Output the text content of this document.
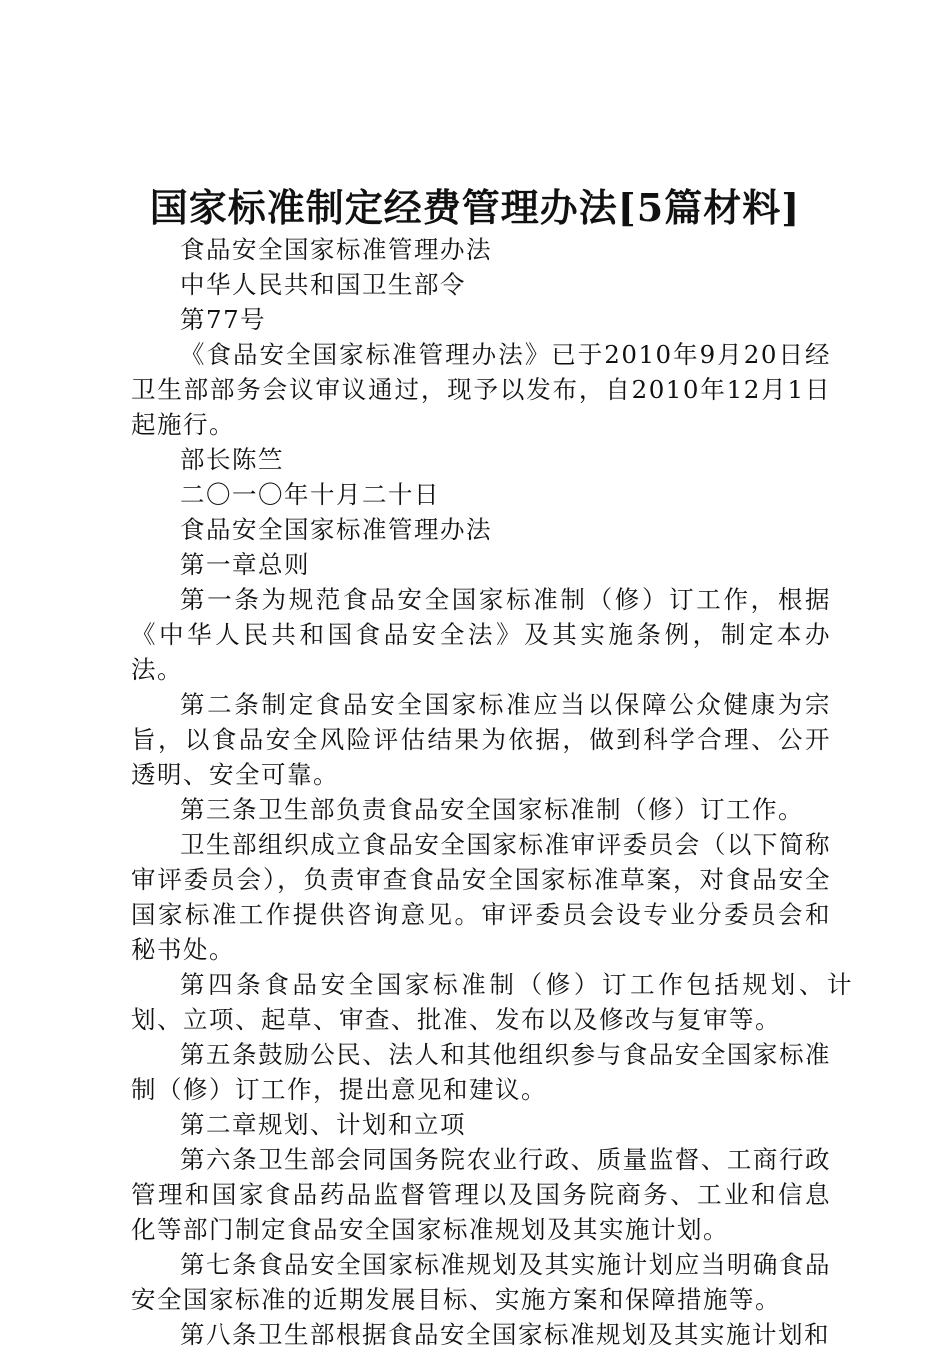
国家标准制定经费管理办法[5篇材料]

食品安全国家标准管理办法

中华人民共和国卫生部令

第77号

《食品安全国家标准管理办法》已于2010年9月20日经卫生部部务会议审议通过，现予以发布，自2010年12月1日起施行。

部长陈竺

二〇一〇年十月二十日

食品安全国家标准管理办法

第一章总则

第一条为规范食品安全国家标准制（修）订工作，根据《中华人民共和国食品安全法》及其实施条例，制定本办法。

第二条制定食品安全国家标准应当以保障公众健康为宗旨，以食品安全风险评估结果为依据，做到科学合理、公开透明、安全可靠。

第三条卫生部负责食品安全国家标准制（修）订工作。

卫生部组织成立食品安全国家标准审评委员会（以下简称审评委员会），负责审查食品安全国家标准草案，对食品安全国家标准工作提供咨询意见。审评委员会设专业分委员会和秘书处。

第四条食品安全国家标准制（修）订工作包括规划、计划、立项、起草、审查、批准、发布以及修改与复审等。

第五条鼓励公民、法人和其他组织参与食品安全国家标准制（修）订工作，提出意见和建议。

第二章规划、计划和立项

第六条卫生部会同国务院农业行政、质量监督、工商行政管理和国家食品药品监督管理以及国务院商务、工业和信息化等部门制定食品安全国家标准规划及其实施计划。

第七条食品安全国家标准规划及其实施计划应当明确食品安全国家标准的近期发展目标、实施方案和保障措施等。

第八条卫生部根据食品安全国家标准规划及其实施计划和
